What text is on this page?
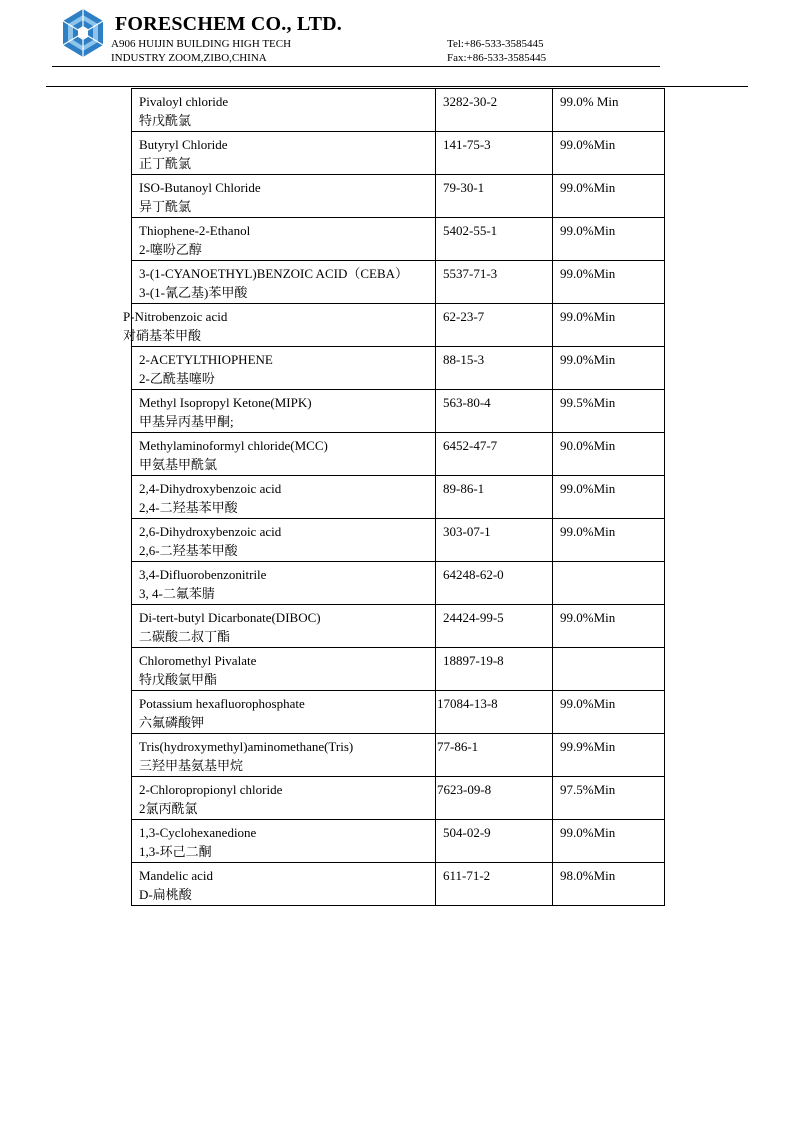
FORESCHEM CO., LTD.
A906 HUIJIN BUILDING HIGH TECH
INDUSTRY ZOOM,ZIBO,CHINA
Tel:+86-533-3585445
Fax:+86-533-3585445
Pivaloyl chloride
特戊酰氯	3282-30-2	99.0% Min

Butyryl Chloride
正丁酰氯	141-75-3	99.0%Min

ISO-Butanoyl Chloride
异丁酰氯	79-30-1	99.0%Min

Thiophene-2-Ethanol
2-噻吩乙醇	5402-55-1	99.0%Min

3-(1-CYANOETHYL)BENZOIC ACID（CEBA）
3-(1-氰乙基)苯甲酸	5537-71-3	99.0%Min

P-Nitrobenzoic acid
对硝基苯甲酸	62-23-7	99.0%Min

2-ACETYLTHIOPHENE
2-乙酰基噻吩	88-15-3	99.0%Min

Methyl Isopropyl Ketone(MIPK)
甲基异丙基甲酮;	563-80-4	99.5%Min

Methylaminoformyl chloride(MCC)
甲氨基甲酰氯	6452-47-7	90.0%Min

2,4-Dihydroxybenzoic acid
2,4-二羟基苯甲酸	89-86-1	99.0%Min

2,6-Dihydroxybenzoic acid
2,6-二羟基苯甲酸	303-07-1	99.0%Min

3,4-Difluorobenzonitrile
3, 4-二氟苯腈	64248-62-0	

Di-tert-butyl Dicarbonate(DIBOC)
二碳酸二叔丁酯	24424-99-5	99.0%Min

Chloromethyl Pivalate
特戊酸氯甲酯	18897-19-8	

Potassium hexafluorophosphate
六氟磷酸钾	17084-13-8	99.0%Min

Tris(hydroxymethyl)aminomethane(Tris)
三羟甲基氨基甲烷	77-86-1	99.9%Min

2-Chloropropionyl chloride
2氯丙酰氯	7623-09-8	97.5%Min

1,3-Cyclohexanedione
1,3-环己二酮	504-02-9	99.0%Min

Mandelic acid
D-扁桃酸	611-71-2	98.0%Min
